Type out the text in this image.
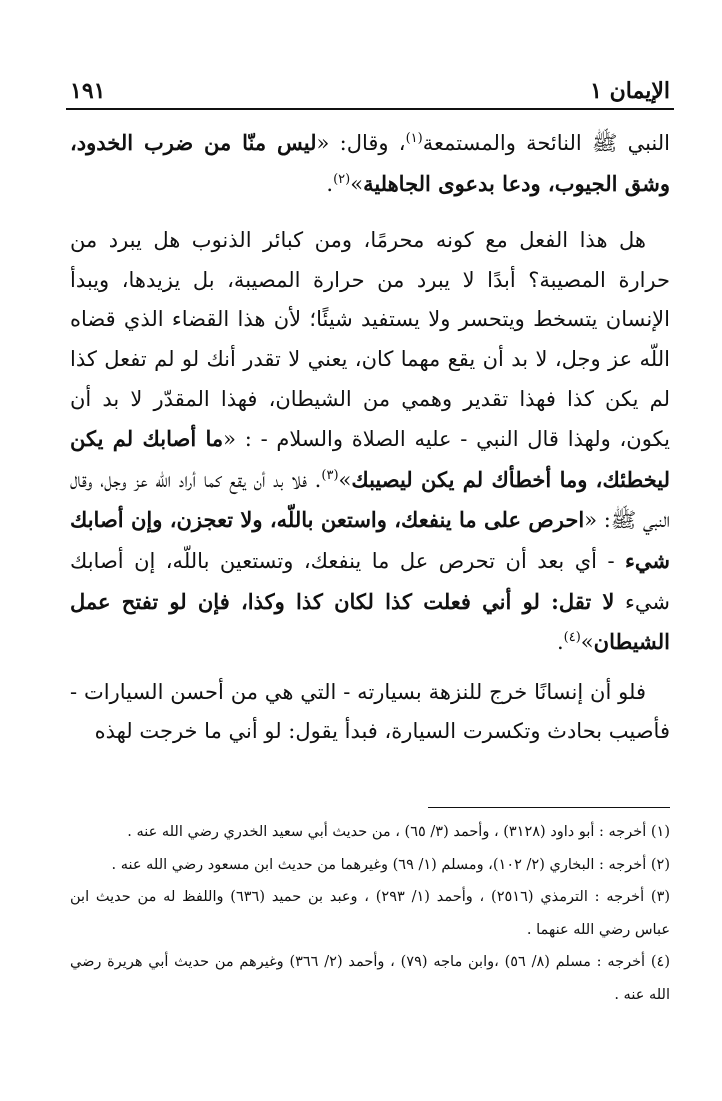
الإيمان ١
١٩١

النبي ﷺ النائحة والمستمعة$^{(١)}$، وقال: «ليس منّا من ضرب الخدود، وشق الجيوب، ودعا بدعوى الجاهلية»$^{(٢)}$.

هل هذا الفعل مع كونه محرمًا، ومن كبائر الذنوب هل يبرد من حرارة المصيبة؟ أبدًا لا يبرد من حرارة المصيبة، بل يزيدها، ويبدأ الإنسان يتسخط ويتحسر ولا يستفيد شيئًا؛ لأن هذا القضاء الذي قضاه اللّه عز وجل، لا بد أن يقع مهما كان، يعني لا تقدر أنك لو لم تفعل كذا لم يكن كذا فهذا تقدير وهمي من الشيطان، فهذا المقدّر لا بد أن يكون، ولهذا قال النبي - عليه الصلاة والسلام - : «ما أصابك لم يكن ليخطئك، وما أخطأك لم يكن ليصيبك»$^{(٣)}$. فلا بد أن يقع كما أراد اللّه عز وجل، وقال النبي ﷺ: «احرص على ما ينفعك، واستعن باللّه، ولا تعجزن، وإن أصابك شيء - أي بعد أن تحرص عل ما ينفعك، وتستعين باللّه، إن أصابك شيء لا تقل: لو أني فعلت كذا لكان كذا وكذا، فإن لو تفتح عمل الشيطان»$^{(٤)}$.

فلو أن إنسانًا خرج للنزهة بسيارته - التي هي من أحسن السيارات - فأصيب بحادث وتكسرت السيارة، فبدأ يقول: لو أني ما خرجت لهذه

(١) أخرجه : أبو داود (٣١٢٨) ، وأحمد (٣/ ٦٥) ، من حديث أبي سعيد الخدري رضي الله عنه .

(٢) أخرجه : البخاري (٢/ ١٠٢)، ومسلم (١/ ٦٩) وغيرهما من حديث ابن مسعود رضي الله عنه .

(٣) أخرجه : الترمذي (٢٥١٦) ، وأحمد (١/ ٢٩٣) ، وعبد بن حميد (٦٣٦) واللفظ له من حديث ابن عباس رضي الله عنهما .

(٤) أخرجه : مسلم (٨/ ٥٦) ،وابن ماجه (٧٩) ، وأحمد (٢/ ٣٦٦) وغيرهم من حديث أبي هريرة رضي الله عنه .
